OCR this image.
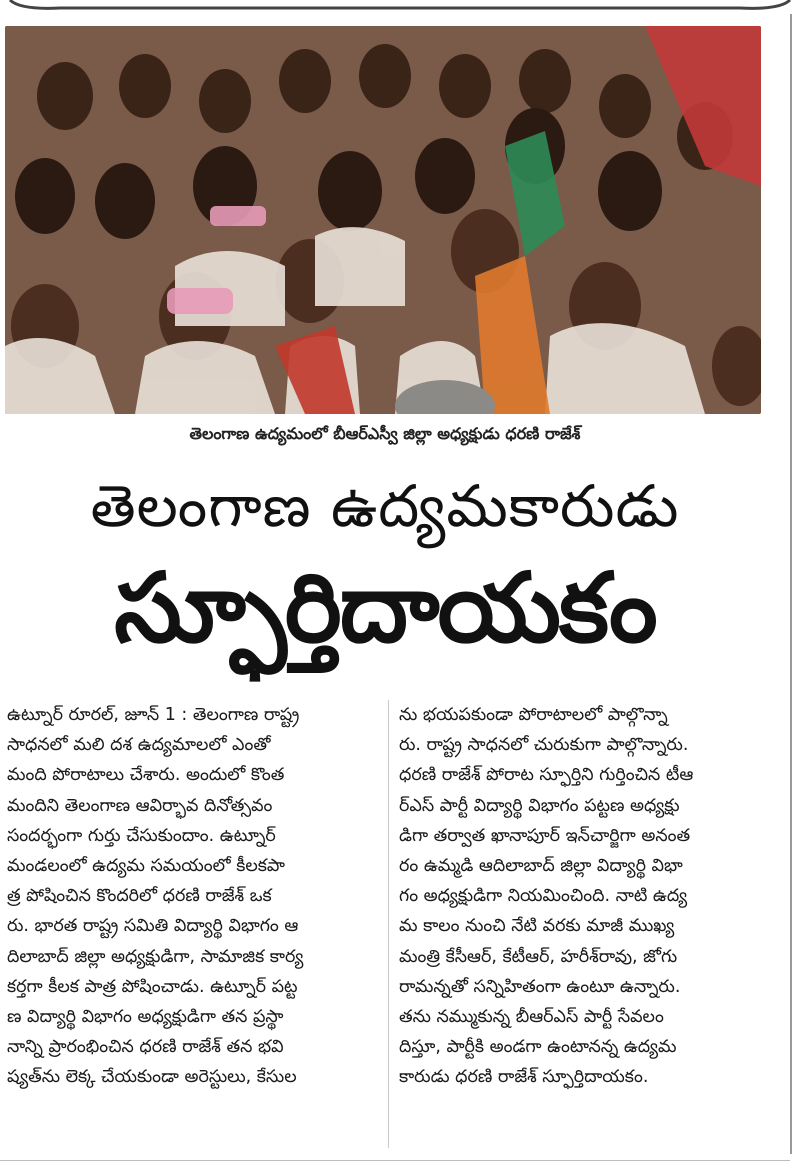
తెలంగాణ ఉద్యమంలో బీఆర్ఎస్వీ జిల్లా అధ్యక్షుడు ధరణి రాజేశ్
తెలంగాణ ఉద్యమకారుడు
స్ఫూర్తిదాయకం

ఉట్నూర్ రూరల్, జూన్ 1 : తెలంగాణ రాష్ట్ర

సాధనలో మలి దశ ఉద్యమాలలో ఎంతో

మంది పోరాటాలు చేశారు. అందులో కొంత

మందిని తెలంగాణ ఆవిర్భావ దినోత్సవం

సందర్భంగా గుర్తు చేసుకుందాం. ఉట్నూర్

మండలంలో ఉద్యమ సమయంలో కీలకపా

త్ర పోషించిన కొందరిలో ధరణి రాజేశ్ ఒక

రు. భారత రాష్ట్ర సమితి విద్యార్థి విభాగం ఆ

దిలాబాద్ జిల్లా అధ్యక్షుడిగా, సామాజిక కార్య

కర్తగా కీలక పాత్ర పోషించాడు. ఉట్నూర్ పట్ట

ణ విద్యార్థి విభాగం అధ్యక్షుడిగా తన ప్రస్థా

నాన్ని ప్రారంభించిన ధరణి రాజేశ్ తన భవి

ష్యత్‌ను లెక్క చేయకుండా అరెస్టులు, కేసుల

ను భయపకుండా పోరాటాలలో పాల్గొన్నా

రు. రాష్ట్ర సాధనలో చురుకుగా పాల్గొన్నారు.

ధరణి రాజేశ్ పోరాట స్ఫూర్తిని గుర్తించిన టీఆ

ర్ఎస్ పార్టీ విద్యార్థి విభాగం పట్టణ అధ్యక్షు

డిగా తర్వాత ఖానాపూర్ ఇన్‌చార్జిగా అనంత

రం ఉమ్మడి ఆదిలాబాద్ జిల్లా విద్యార్థి విభా

గం అధ్యక్షుడిగా నియమించింది. నాటి ఉద్య

మ కాలం నుంచి నేటి వరకు మాజీ ముఖ్య

మంత్రి కేసీఆర్, కేటీఆర్, హరీశ్‌రావు, జోగు

రామన్నతో సన్నిహితంగా ఉంటూ ఉన్నారు.

తను నమ్ముకున్న బీఆర్ఎస్ పార్టీ సేవలం

దిస్తూ, పార్టీకి అండగా ఉంటానన్న ఉద్యమ

కారుడు ధరణి రాజేశ్ స్ఫూర్తిదాయకం.
